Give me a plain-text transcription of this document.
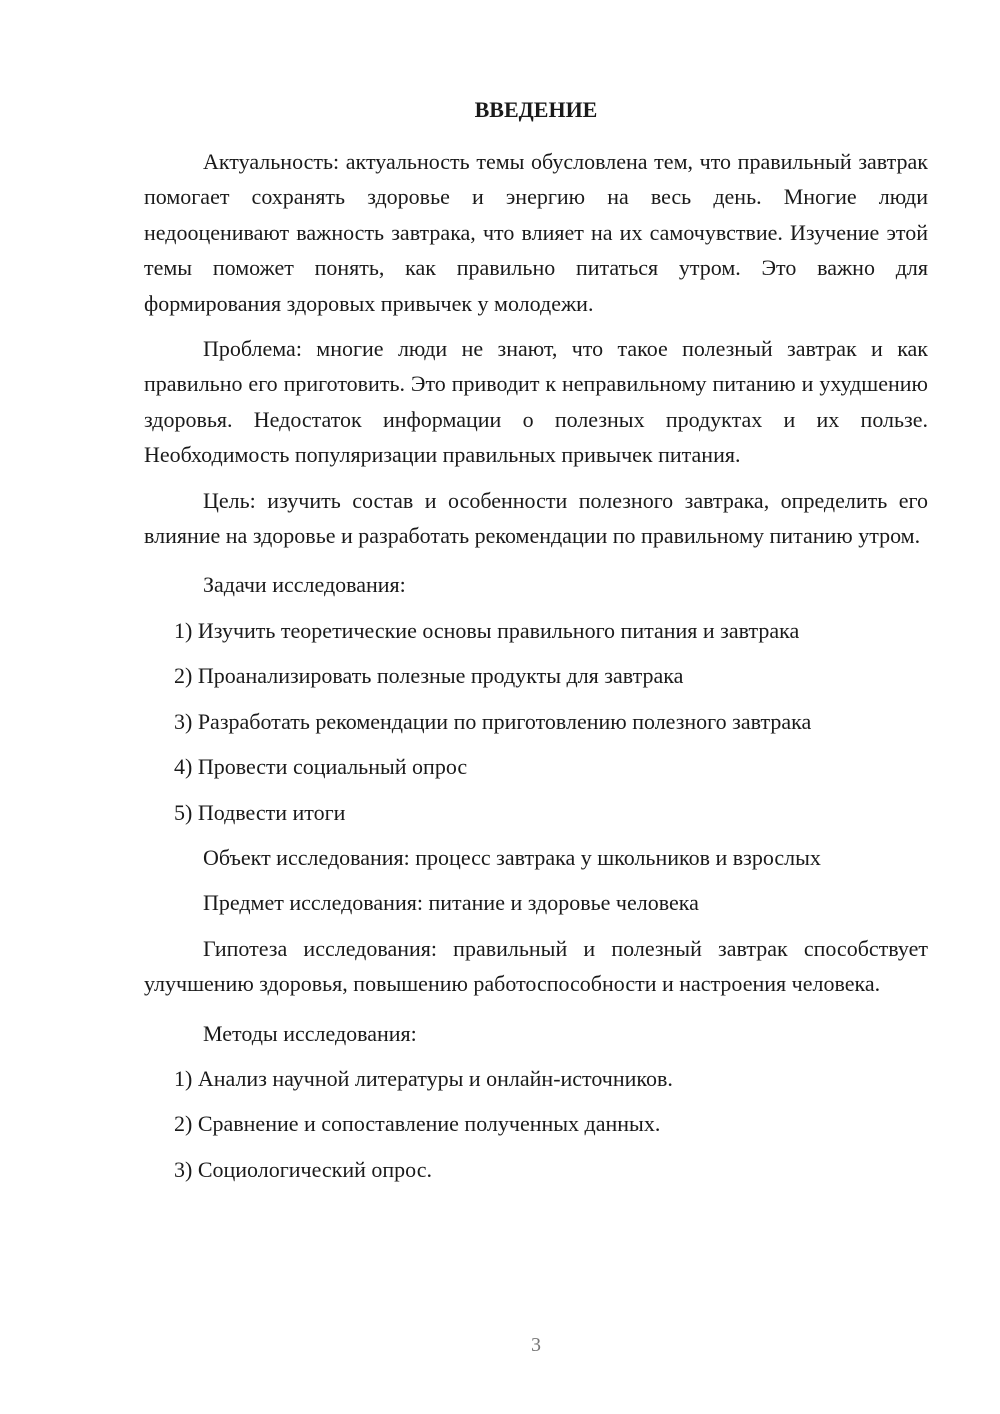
ВВЕДЕНИЕ

Актуальность: актуальность темы обусловлена тем, что правильный завтрак помогает сохранять здоровье и энергию на весь день. Многие люди недооценивают важность завтрака, что влияет на их самочувствие. Изучение этой темы поможет понять, как правильно питаться утром. Это важно для формирования здоровых привычек у молодежи.

Проблема: многие люди не знают, что такое полезный завтрак и как правильно его приготовить. Это приводит к неправильному питанию и ухудшению здоровья. Недостаток информации о полезных продуктах и их пользе. Необходимость популяризации правильных привычек питания.

Цель: изучить состав и особенности полезного завтрака, определить его влияние на здоровье и разработать рекомендации по правильному питанию утром.

Задачи исследования:
1) Изучить теоретические основы правильного питания и завтрака
2) Проанализировать полезные продукты для завтрака
3) Разработать рекомендации по приготовлению полезного завтрака
4) Провести социальный опрос
5) Подвести итоги
Объект исследования: процесс завтрака у школьников и взрослых
Предмет исследования: питание и здоровье человека

Гипотеза исследования: правильный и полезный завтрак способствует улучшению здоровья, повышению работоспособности и настроения человека.

Методы исследования:
1) Анализ научной литературы и онлайн-источников.
2) Сравнение и сопоставление полученных данных.
3) Социологический опрос.
3
